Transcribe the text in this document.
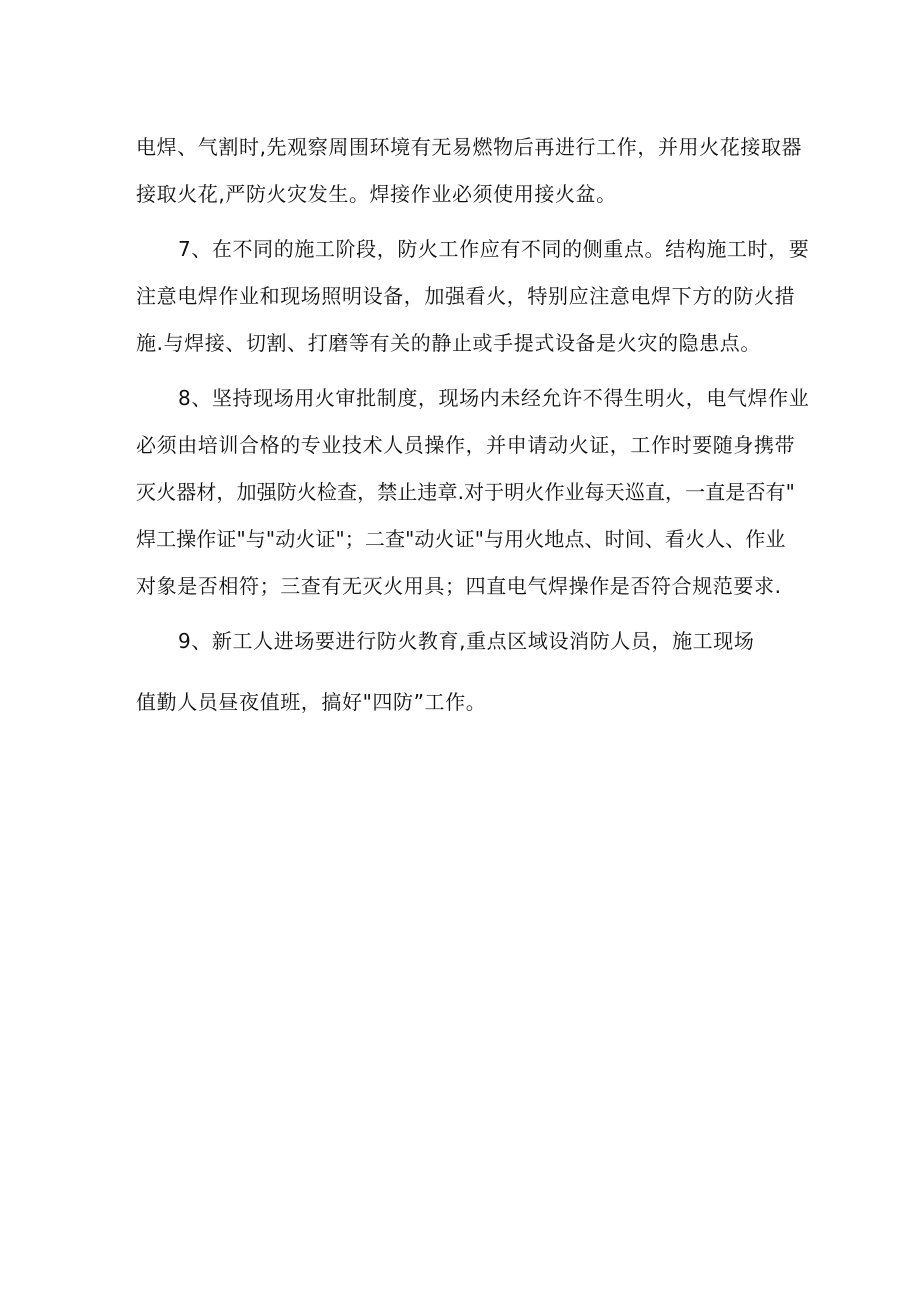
电焊、气割时,先观察周围环境有无易燃物后再进行工作，并用火花接取器
接取火花,严防火灾发生。焊接作业必须使用接火盆。
7、在不同的施工阶段，防火工作应有不同的侧重点。结构施工时，要
注意电焊作业和现场照明设备，加强看火，特别应注意电焊下方的防火措
施.与焊接、切割、打磨等有关的静止或手提式设备是火灾的隐患点。
8、坚持现场用火审批制度，现场内未经允许不得生明火，电气焊作业
必须由培训合格的专业技术人员操作，并申请动火证，工作时要随身携带
灭火器材，加强防火检查，禁止违章.对于明火作业每天巡直，一直是否有"
焊工操作证"与"动火证"；二查"动火证"与用火地点、时间、看火人、作业
对象是否相符；三查有无灭火用具；四直电气焊操作是否符合规范要求.
9、新工人进场要进行防火教育,重点区域设消防人员，施工现场
值勤人员昼夜值班，搞好"四防”工作。
